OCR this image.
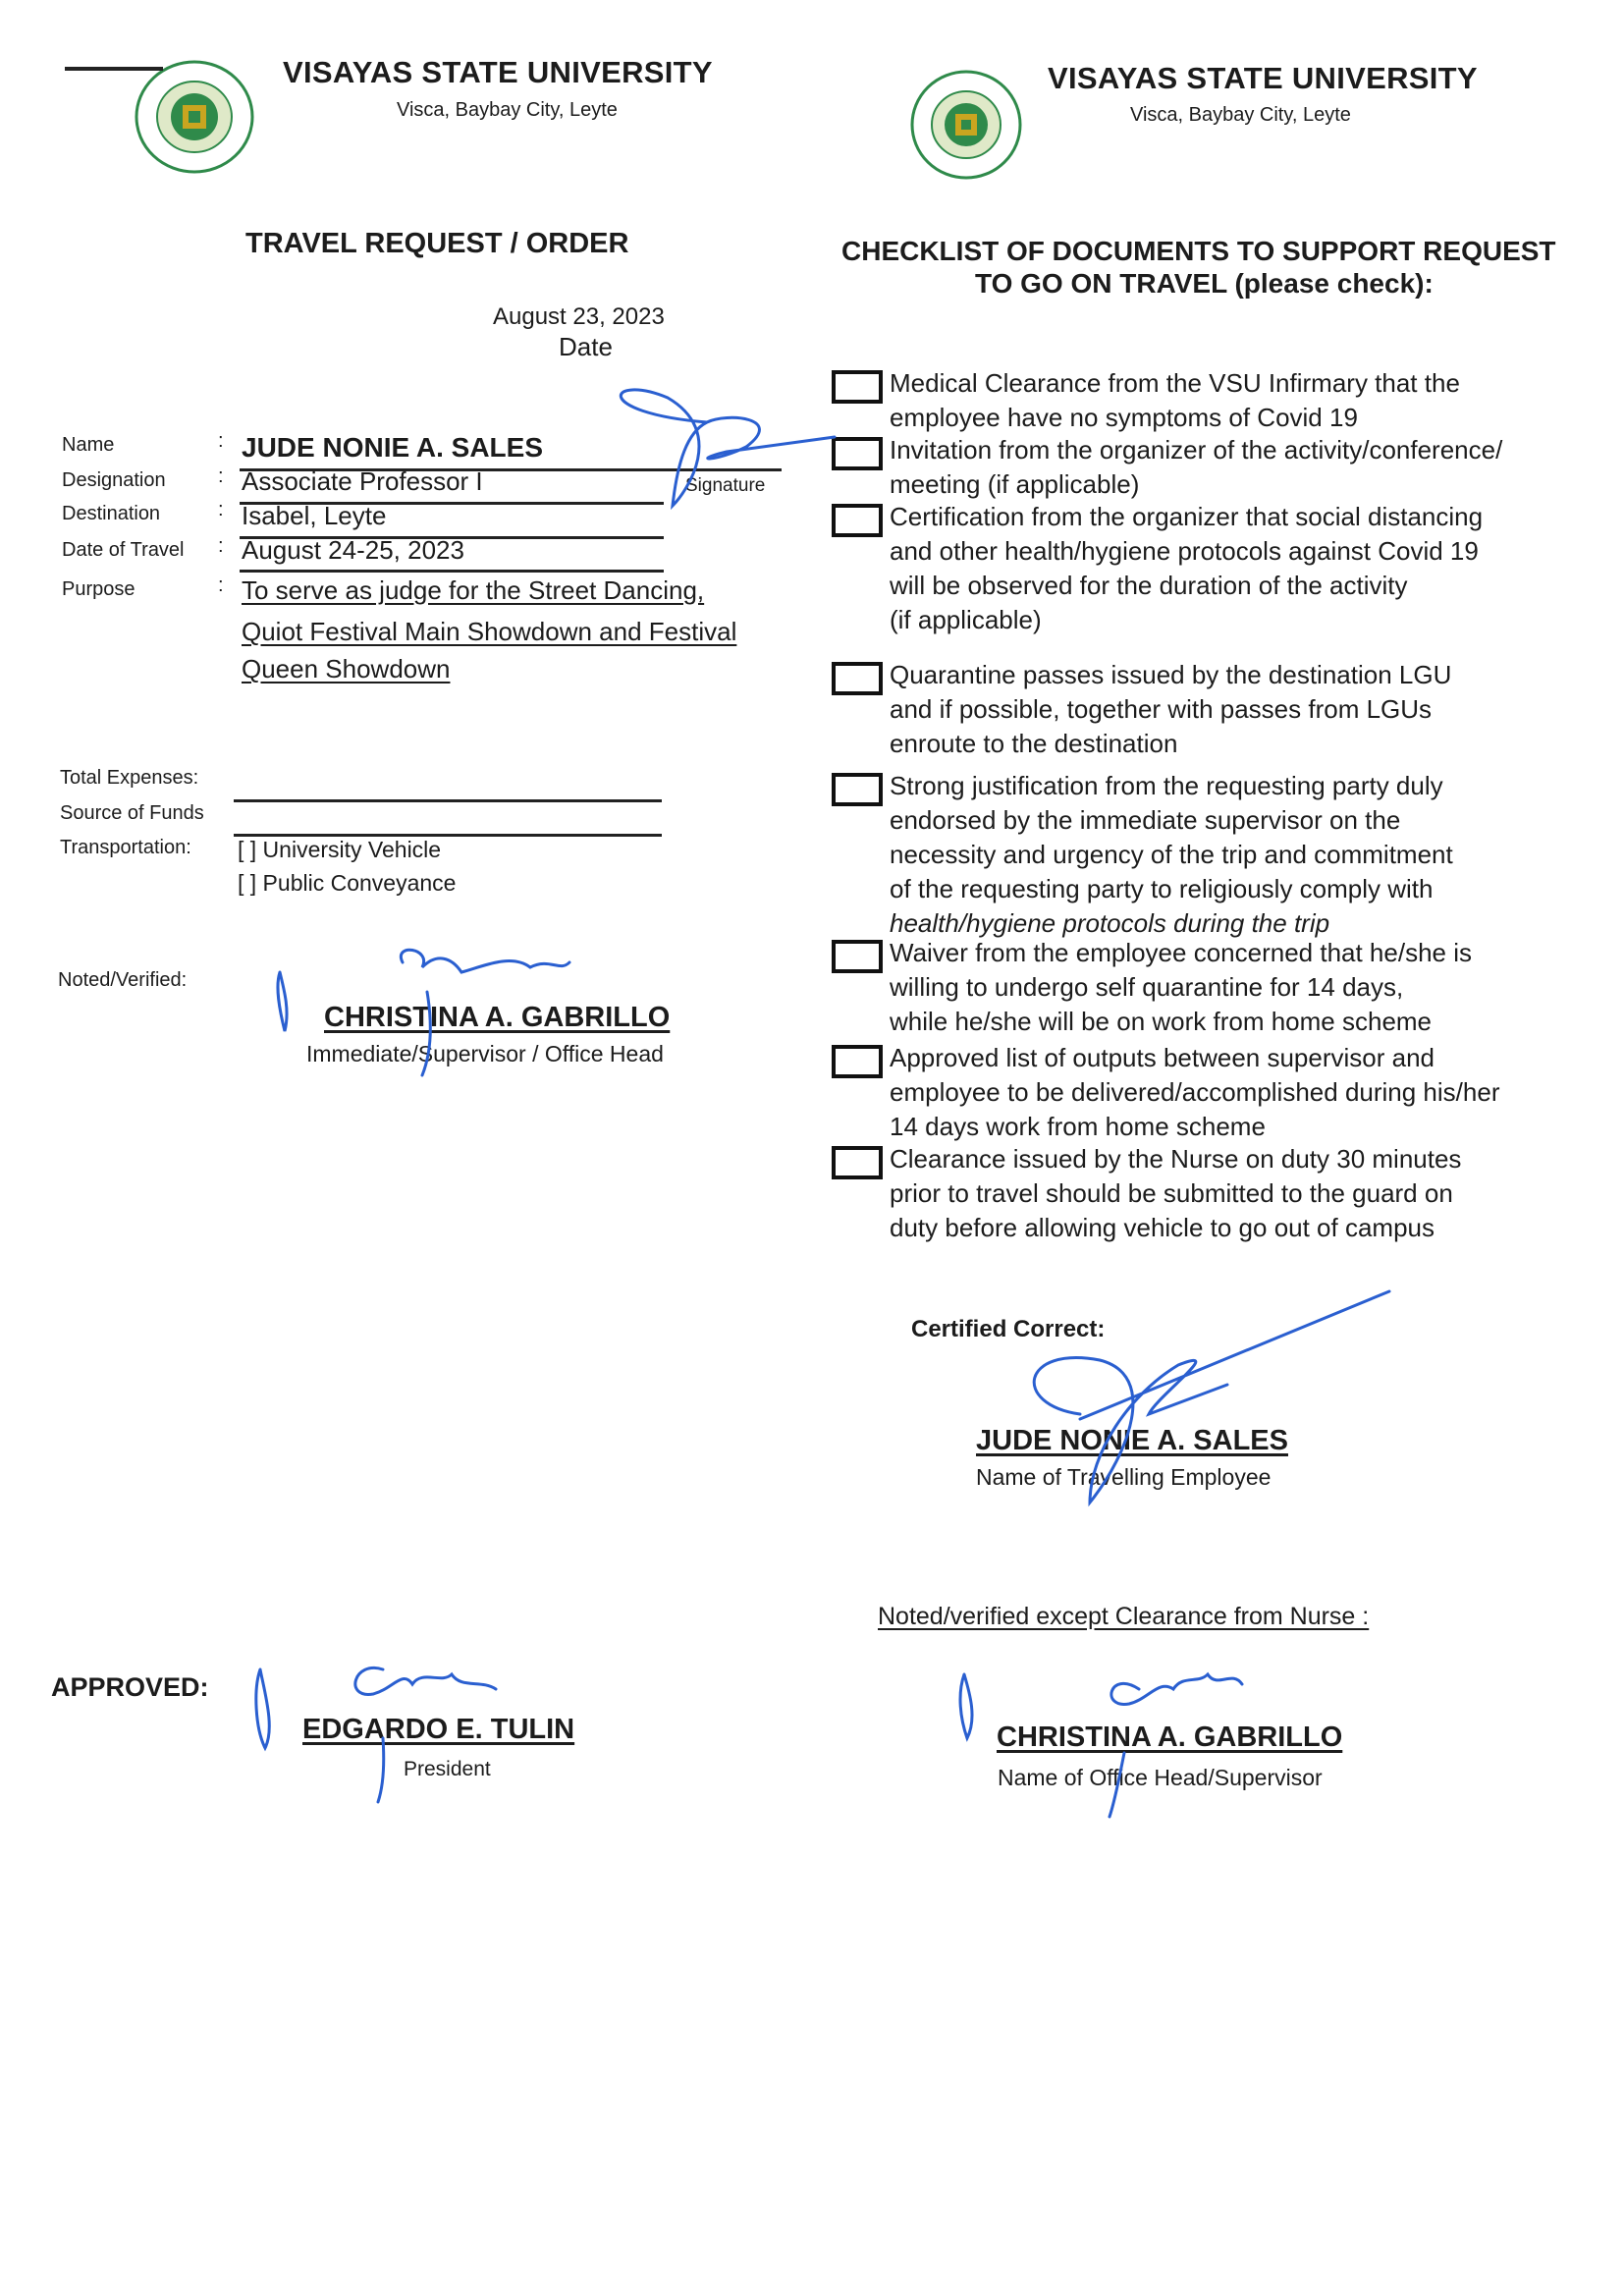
VISAYAS STATE UNIVERSITY
Visca, Baybay City, Leyte
VISAYAS STATE UNIVERSITY
Visca, Baybay City, Leyte
TRAVEL REQUEST / ORDER
August 23, 2023
Date
Name	: JUDE NONIE A. SALES
Signature
Designation	: Associate Professor I
Destination	: Isabel, Leyte
Date of Travel : August 24-25, 2023
Purpose	: To serve as judge for the Street Dancing,
Quiot Festival Main Showdown and Festival
Queen Showdown
Total Expenses:
Source of Funds
Transportation: [ ] University Vehicle
[ ] Public Conveyance
Noted/Verified:
CHRISTINA A. GABRILLO
Immediate/Supervisor / Office Head
APPROVED:
EDGARDO E. TULIN
President
CHECKLIST OF DOCUMENTS TO SUPPORT REQUEST
TO GO ON TRAVEL (please check):
Medical Clearance from the VSU Infirmary that the
employee have no symptoms of Covid 19
Invitation from the organizer of the activity/conference/
meeting (if applicable)
Certification from the organizer that social distancing
and other health/hygiene protocols against Covid 19
will be observed for the duration of the activity
(if applicable)
Quarantine passes issued by the destination LGU
and if possible, together with passes from LGUs
enroute to the destination
Strong justification from the requesting party duly
endorsed by the immediate supervisor on the
necessity and urgency of the trip and commitment
of the requesting party to religiously comply with
health/hygiene protocols during the trip
Waiver from the employee concerned that he/she is
willing to undergo self quarantine for 14 days,
while he/she will be on work from home scheme
Approved list of outputs between supervisor and
employee to be delivered/accomplished during his/her
14 days work from home scheme
Clearance issued by the Nurse on duty 30 minutes
prior to travel should be submitted to the guard on
duty before allowing vehicle to go out of campus
Certified Correct:
JUDE NONIE A. SALES
Name of Travelling Employee
Noted/verified except Clearance from Nurse :
CHRISTINA A. GABRILLO
Name of Office Head/Supervisor
